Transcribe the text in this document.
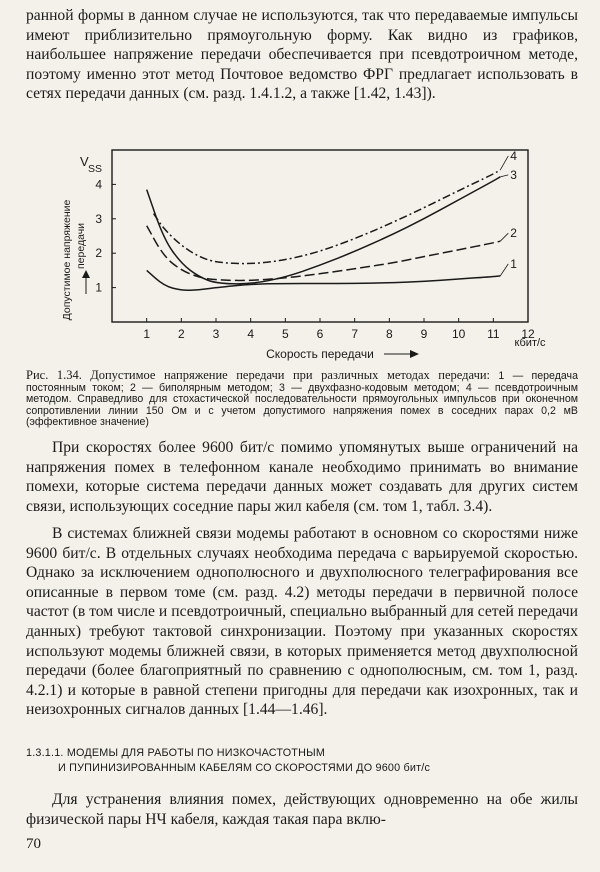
ранной формы в данном случае не используются, так что передаваемые импульсы имеют приблизительно прямоугольную форму. Как видно из графиков, наибольшее напряжение передачи обеспечивается при псевдотроичном методе, поэтому именно этот метод Почтовое ведомство ФРГ предлагает использовать в сетях передачи данных (см. разд. 1.4.1.2, а также [1.42, 1.43]).

1 2 3 4 5 6 7 8 9 10 11 12
1
2
3
4
V SS
Допустимое напряжение передачи
кбит/с
Скорость передачи
1
2
3
4

Рис. 1.34. Допустимое напряжение передачи при различных методах передачи: 1 — передача постоянным током; 2 — биполярным методом; 3 — двухфазно-кодовым методом; 4 — псевдотроичным методом. Справедливо для стохастической последовательности прямоугольных импульсов при оконечном сопротивлении линии 150 Ом и с учетом допустимого напряжения помех в соседних парах 0,2 мВ (эффективное значение)

При скоростях более 9600 бит/с помимо упомянутых выше ограничений на напряжения помех в телефонном канале необходимо принимать во внимание помехи, которые система передачи данных может создавать для других систем связи, использующих соседние пары жил кабеля (см. том 1, табл. 3.4).

В системах ближней связи модемы работают в основном со скоростями ниже 9600 бит/с. В отдельных случаях необходима передача с варьируемой скоростью. Однако за исключением однополюсного и двухполюсного телеграфирования все описанные в первом томе (см. разд. 4.2) методы передачи в первичной полосе частот (в том числе и псевдотроичный, специально выбранный для сетей передачи данных) требуют тактовой синхронизации. Поэтому при указанных скоростях используют модемы ближней связи, в которых применяется метод двухполюсной передачи (более благоприятный по сравнению с однополюсным, см. том 1, разд. 4.2.1) и которые в равной степени пригодны для передачи как изохронных, так и неизохронных сигналов данных [1.44—1.46].

1.3.1.1. МОДЕМЫ ДЛЯ РАБОТЫ ПО НИЗКОЧАСТОТНЫМ
И ПУПИНИЗИРОВАННЫМ КАБЕЛЯМ СО СКОРОСТЯМИ ДО 9600 бит/с

Для устранения влияния помех, действующих одновременно на обе жилы физической пары НЧ кабеля, каждая такая пара вклю-

70
